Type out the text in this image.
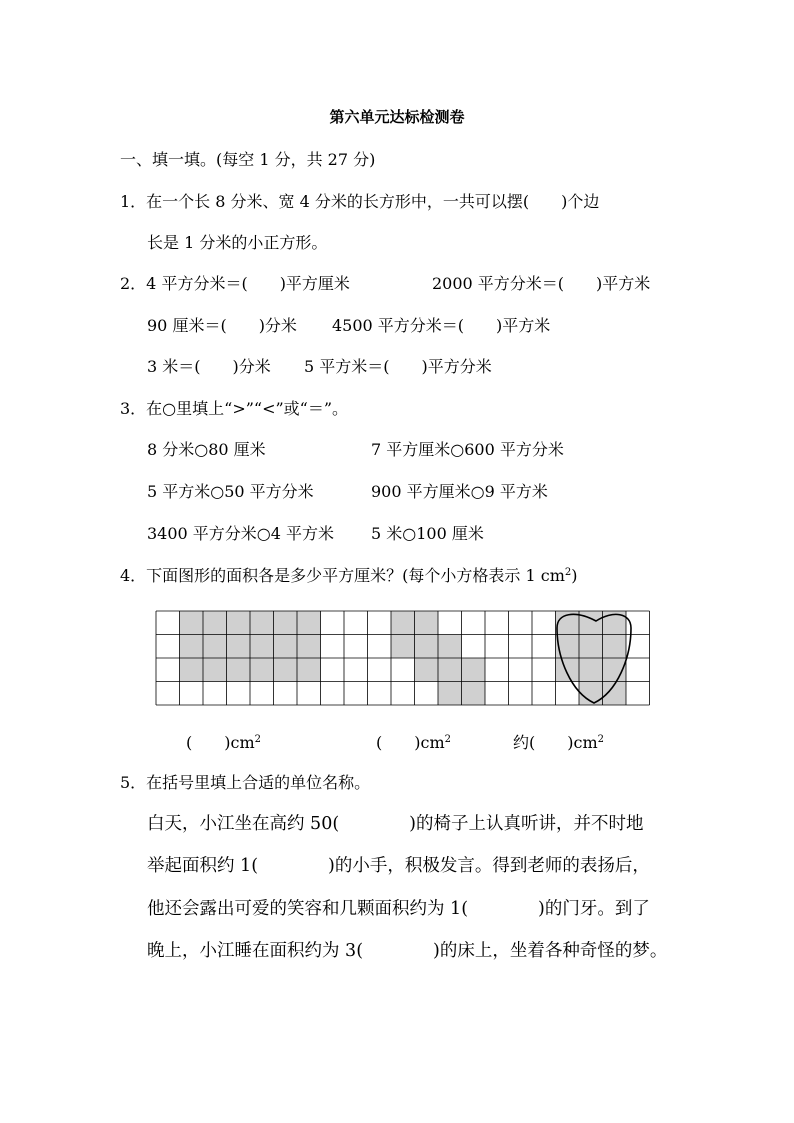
第六单元达标检测卷
一、填一填。(每空 1 分，共 27 分)
1．在一个长 8 分米、宽 4 分米的长方形中，一共可以摆(　　)个边
长是 1 分米的小正方形。
2．4 平方分米＝(　　)平方厘米	2000 平方分米＝(　　)平方米
90 厘米＝(　　)分米 4500 平方分米＝(　　)平方米
3 米＝(　　)分米 5 平方米＝(　　)平方分米
3．在○里填上“>”“<”或“＝”。
8 分米○80 厘米	7 平方厘米○600 平方分米
5 平方米○50 平方分米	900 平方厘米○9 平方米
3400 平方分米○4 平方米 5 米○100 厘米
4．下面图形的面积各是多少平方厘米？(每个小方格表示 1 $cm^2$)
(　　)$cm^2$	(　　)$cm^2$	约(　　)$cm^2$
5．在括号里填上合适的单位名称。
白天，小江坐在高约 50(　　　　)的椅子上认真听讲，并不时地
举起面积约 1(　　　　)的小手，积极发言。得到老师的表扬后，
他还会露出可爱的笑容和几颗面积约为 1(　　　　)的门牙。到了
晚上，小江睡在面积约为 3(　　　　)的床上，坐着各种奇怪的梦。
